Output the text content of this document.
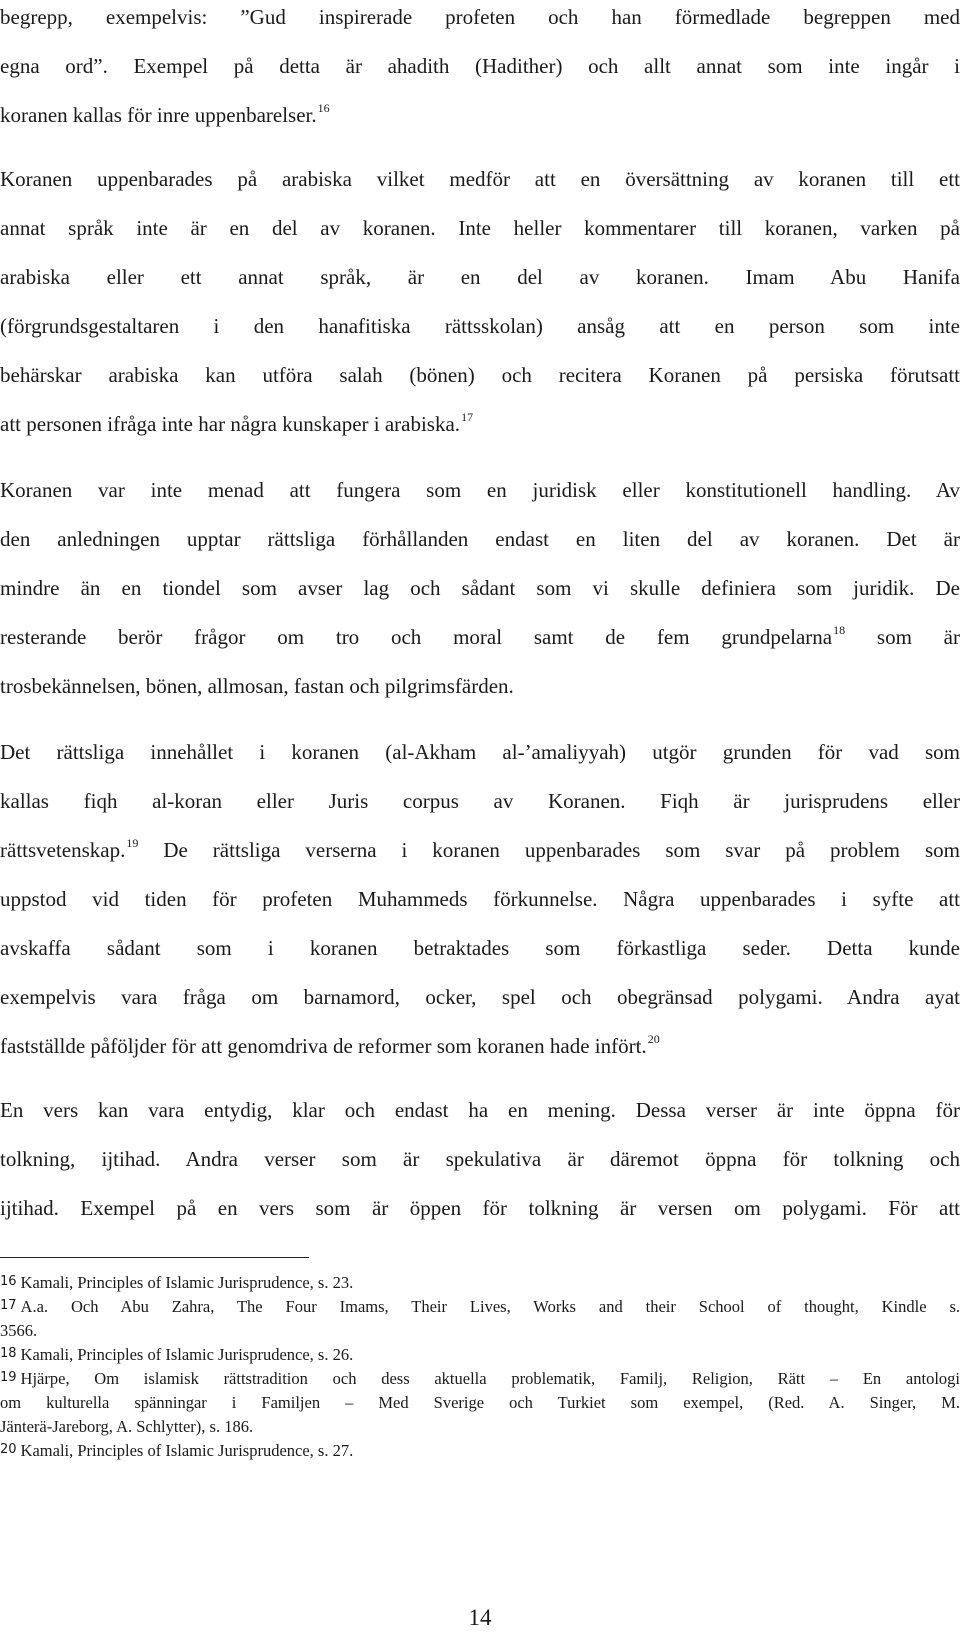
begrepp, exempelvis: ”Gud inspirerade profeten och han förmedlade begreppen med
egna ord”. Exempel på detta är ahadith (Hadither) och allt annat som inte ingår i
koranen kallas för inre uppenbarelser.$^{16}$
Koranen uppenbarades på arabiska vilket medför att en översättning av koranen till ett
annat språk inte är en del av koranen. Inte heller kommentarer till koranen, varken på
arabiska eller ett annat språk, är en del av koranen. Imam Abu Hanifa
(förgrundsgestaltaren i den hanafitiska rättsskolan) ansåg att en person som inte
behärskar arabiska kan utföra salah (bönen) och recitera Koranen på persiska förutsatt
att personen ifråga inte har några kunskaper i arabiska.$^{17}$
Koranen var inte menad att fungera som en juridisk eller konstitutionell handling. Av
den anledningen upptar rättsliga förhållanden endast en liten del av koranen. Det är
mindre än en tiondel som avser lag och sådant som vi skulle definiera som juridik. De
resterande berör frågor om tro och moral samt de fem grundpelarna$^{18}$ som är
trosbekännelsen, bönen, allmosan, fastan och pilgrimsfärden.
Det rättsliga innehållet i koranen (al-Akham al-’amaliyyah) utgör grunden för vad som
kallas fiqh al-koran eller Juris corpus av Koranen. Fiqh är jurisprudens eller
rättsvetenskap.$^{19}$ De rättsliga verserna i koranen uppenbarades som svar på problem som
uppstod vid tiden för profeten Muhammeds förkunnelse. Några uppenbarades i syfte att
avskaffa sådant som i koranen betraktades som förkastliga seder. Detta kunde
exempelvis vara fråga om barnamord, ocker, spel och obegränsad polygami. Andra ayat
fastställde påföljder för att genomdriva de reformer som koranen hade infört.$^{20}$
En vers kan vara entydig, klar och endast ha en mening. Dessa verser är inte öppna för
tolkning, ijtihad. Andra verser som är spekulativa är däremot öppna för tolkning och
ijtihad. Exempel på en vers som är öppen för tolkning är versen om polygami. För att
16 Kamali, Principles of Islamic Jurisprudence, s. 23.
17 A.a. Och Abu Zahra, The Four Imams, Their Lives, Works and their School of thought, Kindle s.
3566.
18 Kamali, Principles of Islamic Jurisprudence, s. 26.
19 Hjärpe, Om islamisk rättstradition och dess aktuella problematik, Familj, Religion, Rätt – En antologi
om kulturella spänningar i Familjen – Med Sverige och Turkiet som exempel, (Red. A. Singer, M.
Jänterä-Jareborg, A. Schlytter), s. 186.
20 Kamali, Principles of Islamic Jurisprudence, s. 27.
14
